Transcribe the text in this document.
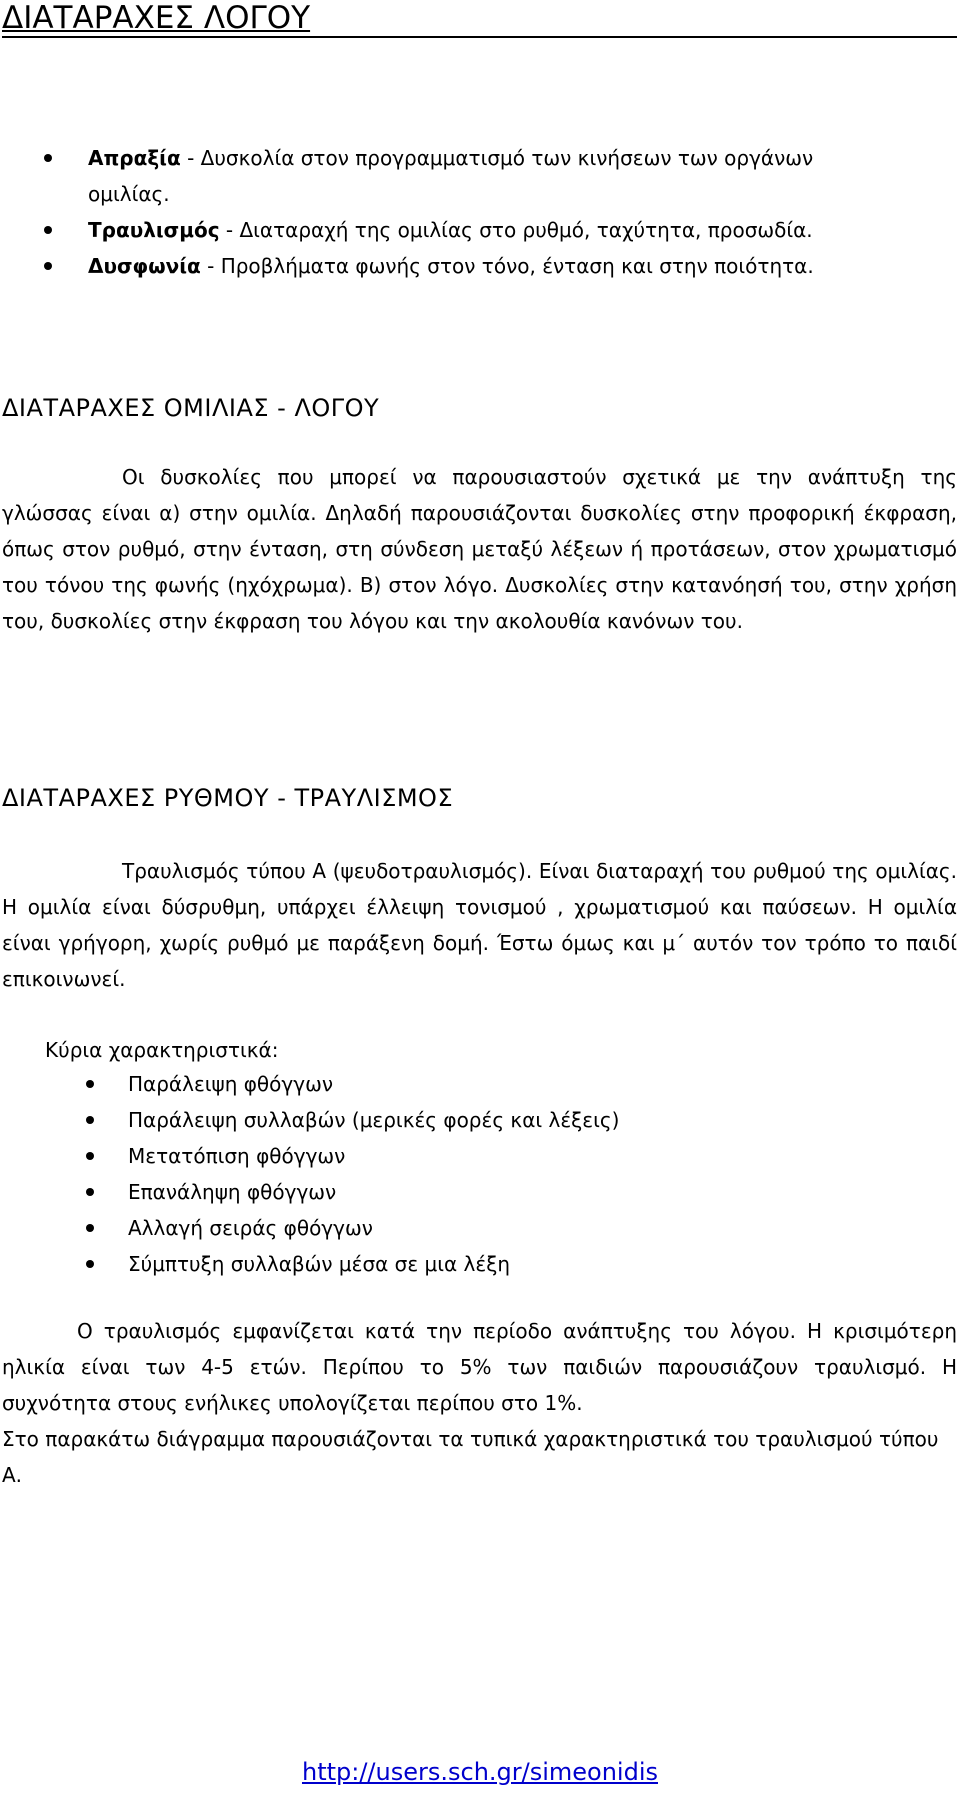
ΔΙΑΤΑΡΑΧΕΣ ΛΟΓΟΥ
Απραξία - Δυσκολία στον προγραμματισμό των κινήσεων των οργάνων ομιλίας.
Τραυλισμός - Διαταραχή της ομιλίας στο ρυθμό, ταχύτητα, προσωδία.
Δυσφωνία - Προβλήματα φωνής στον τόνο, ένταση και στην ποιότητα.
ΔΙΑΤΑΡΑΧΕΣ ΟΜΙΛΙΑΣ - ΛΟΓΟΥ
Οι δυσκολίες που μπορεί να παρουσιαστούν σχετικά με την ανάπτυξη της γλώσσας είναι α) στην ομιλία. Δηλαδή παρουσιάζονται δυσκολίες στην προφορική έκφραση, όπως στον ρυθμό, στην ένταση, στη σύνδεση μεταξύ λέξεων ή προτάσεων, στον χρωματισμό του τόνου της φωνής (ηχόχρωμα). Β) στον λόγο. Δυσκολίες στην κατανόησή του, στην χρήση του, δυσκολίες στην έκφραση του λόγου και την ακολουθία κανόνων του.
ΔΙΑΤΑΡΑΧΕΣ ΡΥΘΜΟΥ - ΤΡΑΥΛΙΣΜΟΣ
Τραυλισμός τύπου Α (ψευδοτραυλισμός). Είναι διαταραχή του ρυθμού της ομιλίας. Η ομιλία είναι δύσρυθμη, υπάρχει έλλειψη τονισμού , χρωματισμού και παύσεων. Η ομιλία είναι γρήγορη, χωρίς ρυθμό με παράξενη δομή. Έστω όμως και μ΄ αυτόν τον τρόπο το παιδί επικοινωνεί.
Κύρια χαρακτηριστικά:
Παράλειψη φθόγγων
Παράλειψη συλλαβών (μερικές φορές και λέξεις)
Μετατόπιση φθόγγων
Επανάληψη φθόγγων
Αλλαγή σειράς φθόγγων
Σύμπτυξη συλλαβών μέσα σε μια λέξη
Ο τραυλισμός εμφανίζεται κατά την περίοδο ανάπτυξης του λόγου. Η κρισιμότερη ηλικία είναι των 4-5 ετών. Περίπου το 5% των παιδιών παρουσιάζουν τραυλισμό. Η συχνότητα στους ενήλικες υπολογίζεται περίπου στο 1%.
Στο παρακάτω διάγραμμα παρουσιάζονται τα τυπικά χαρακτηριστικά του τραυλισμού τύπου Α.
http://users.sch.gr/simeonidis
